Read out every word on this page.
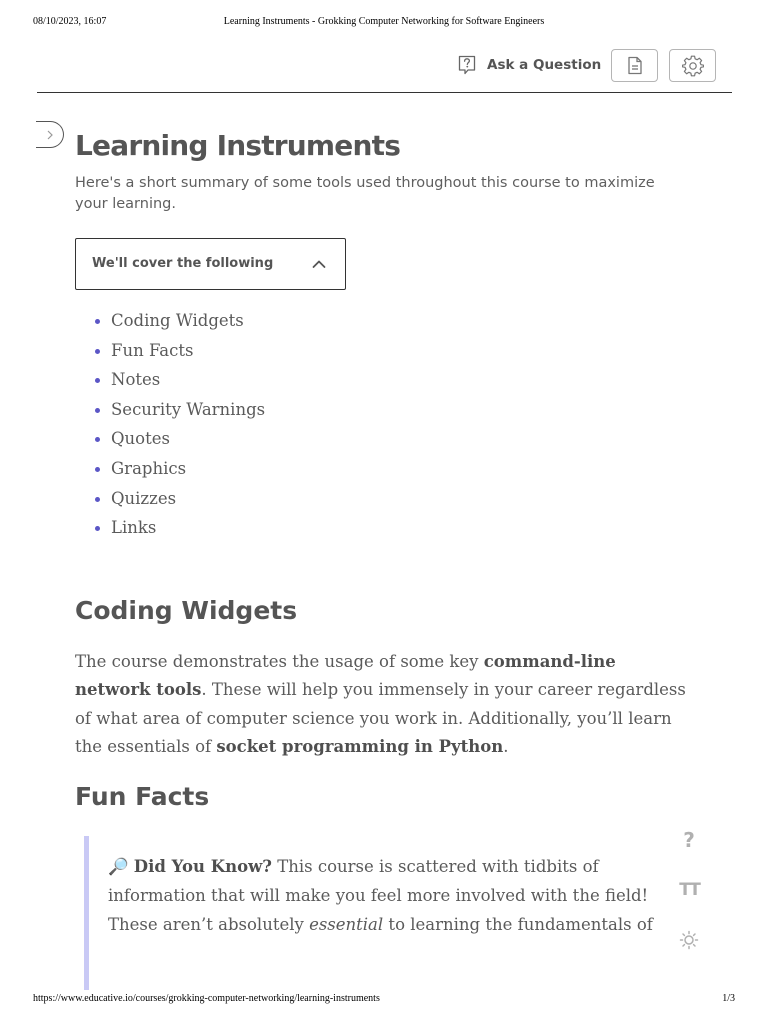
08/10/2023, 16:07	Learning Instruments - Grokking Computer Networking for Software Engineers
Ask a Question
Learning Instruments

Here's a short summary of some tools used throughout this course to maximize your learning.

We'll cover the following
Coding Widgets
Fun Facts
Notes
Security Warnings
Quotes
Graphics
Quizzes
Links
Coding Widgets

The course demonstrates the usage of some key command-line network tools. These will help you immensely in your career regardless of what area of computer science you work in. Additionally, you’ll learn the essentials of socket programming in Python.

Fun Facts

🔎 Did You Know? This course is scattered with tidbits of information that will make you feel more involved with the field! These aren’t absolutely essential to learning the fundamentals of

?
TT
https://www.educative.io/courses/grokking-computer-networking/learning-instruments	1/3
